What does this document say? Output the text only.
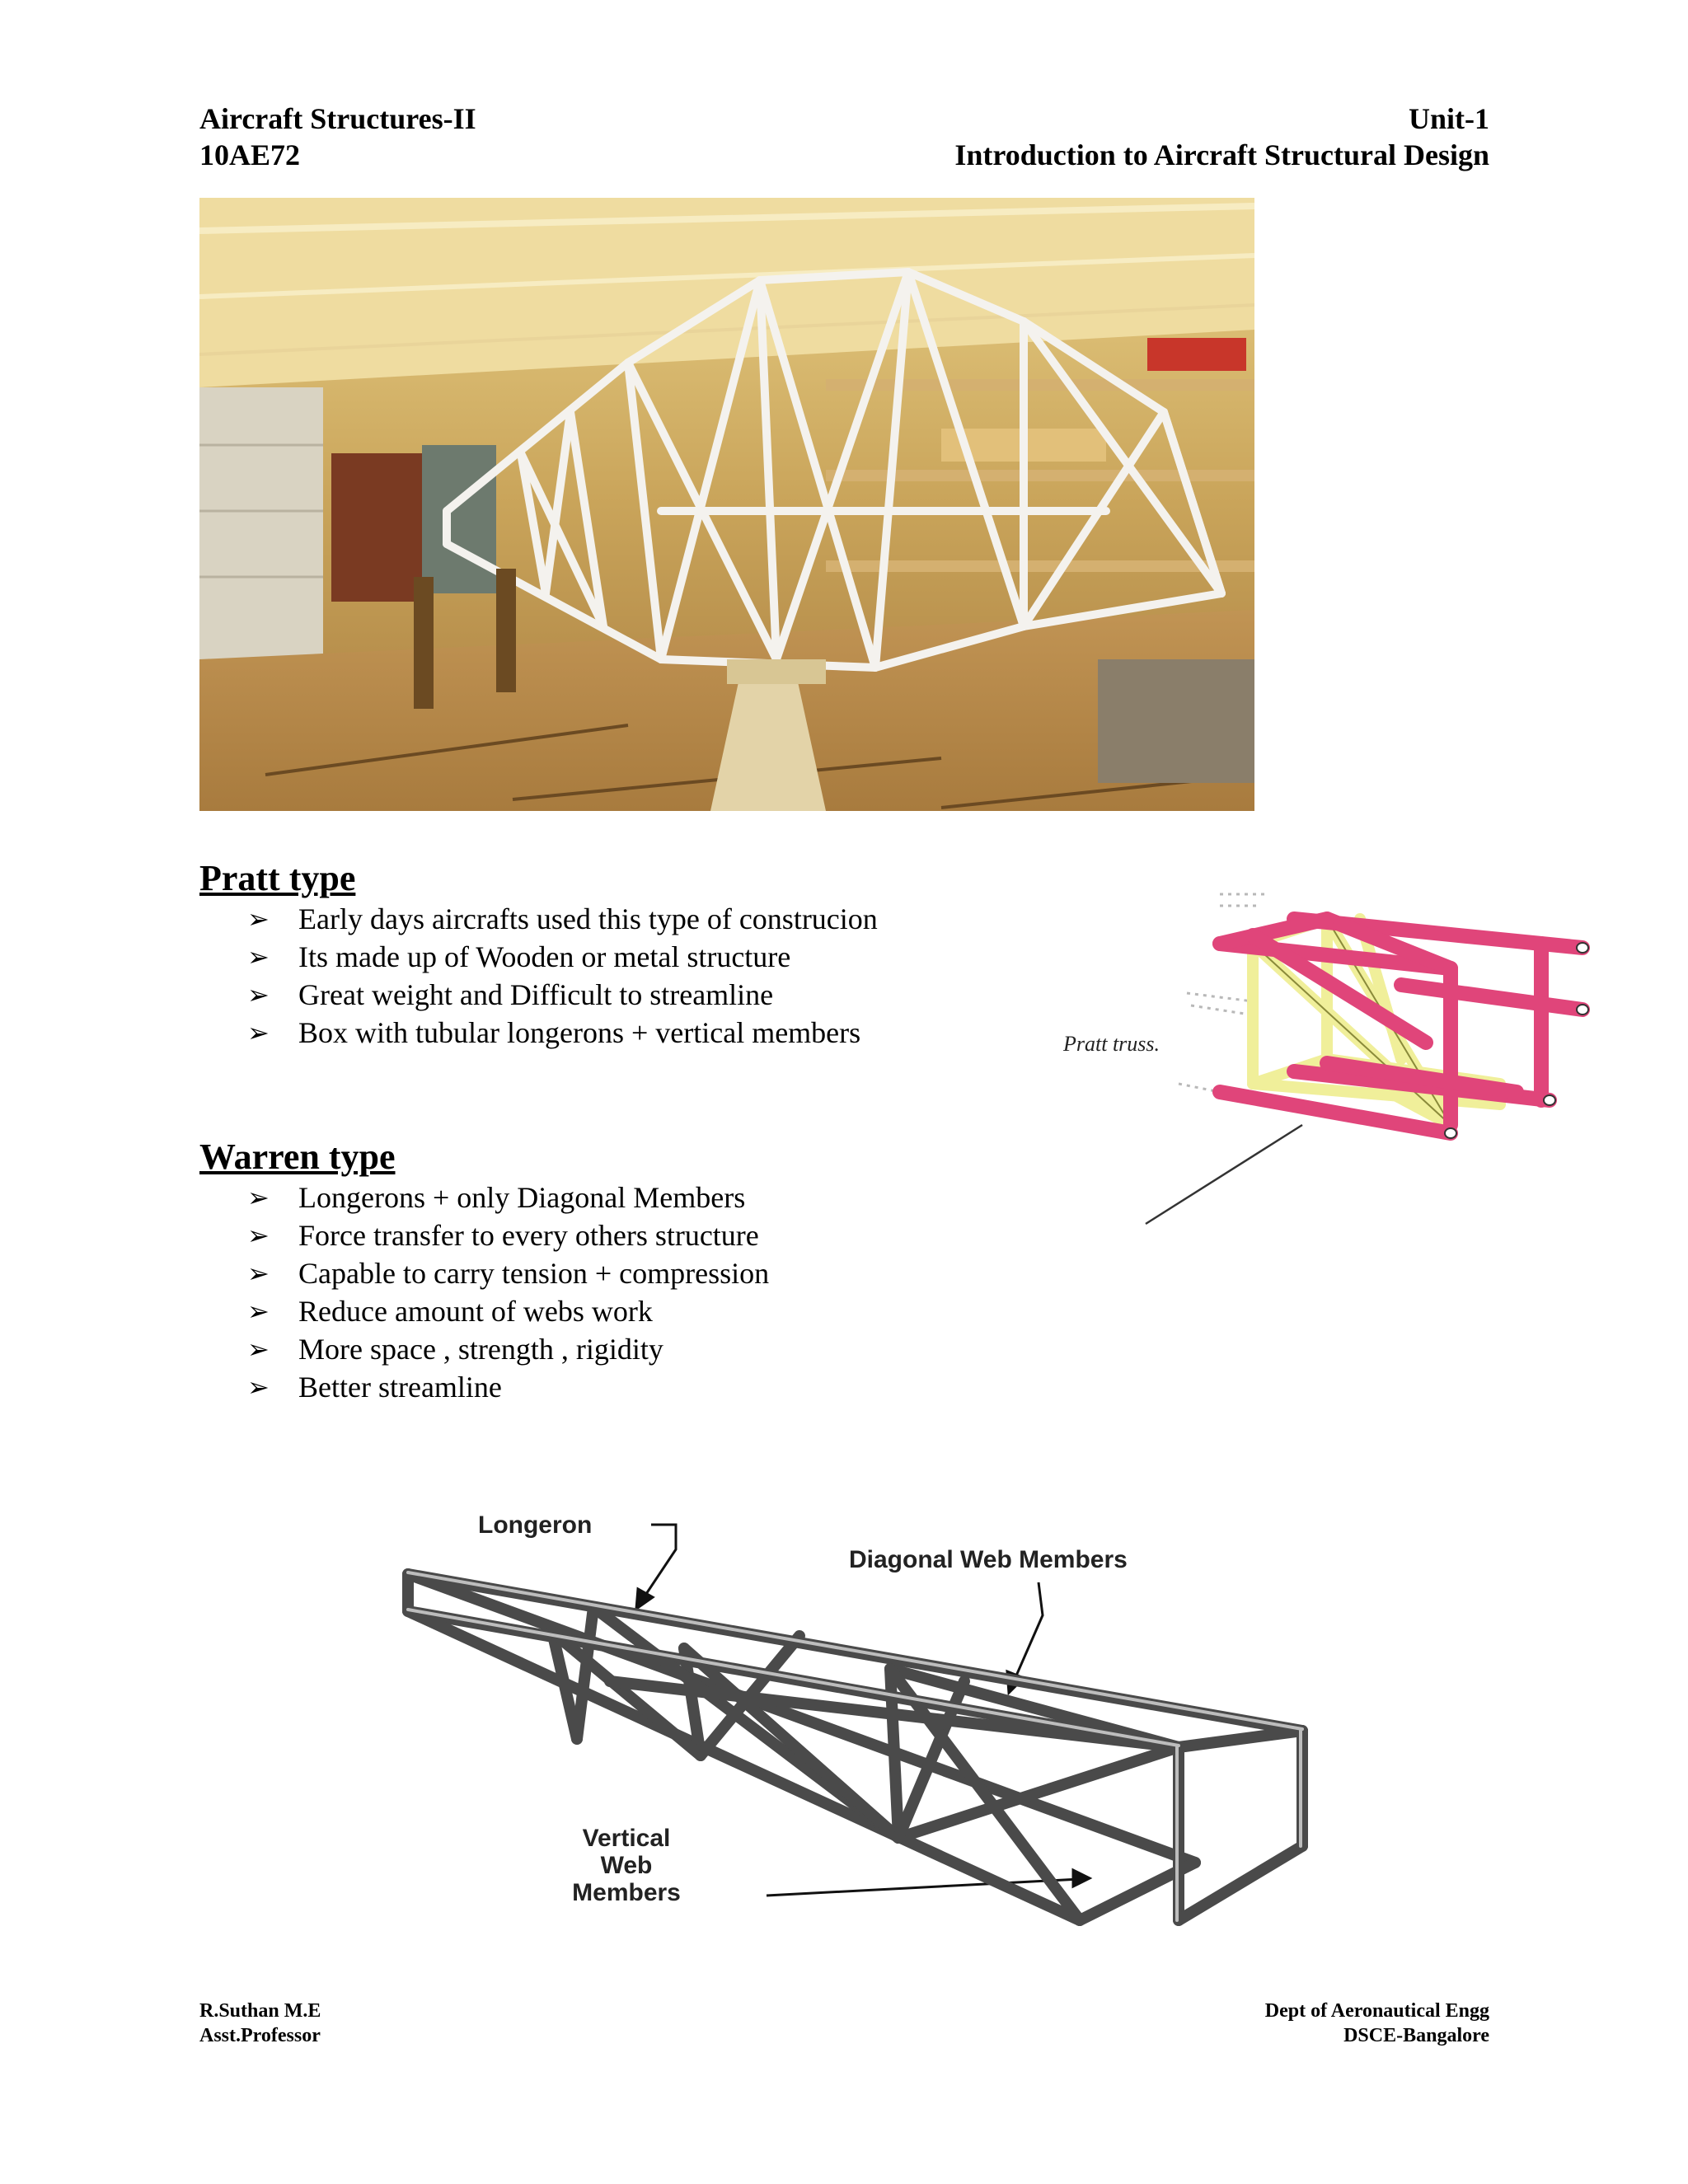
Aircraft Structures-II
10AE72
Unit-1
Introduction to Aircraft Structural Design
Pratt type
➢ Early days aircrafts used this type of construcion
➢ Its made up of Wooden or metal structure
➢ Great weight and Difficult to streamline
➢ Box with tubular longerons + vertical members	Pratt truss.
Warren type
➢ Longerons + only Diagonal Members
➢ Force transfer to every others structure
➢ Capable to carry tension + compression
➢ Reduce amount of webs work
➢ More space , strength , rigidity
➢ Better streamline
Longeron
Diagonal Web Members
Vertical
Web
Members
R.Suthan M.E
Asst.Professor
Dept of Aeronautical Engg
DSCE-Bangalore
